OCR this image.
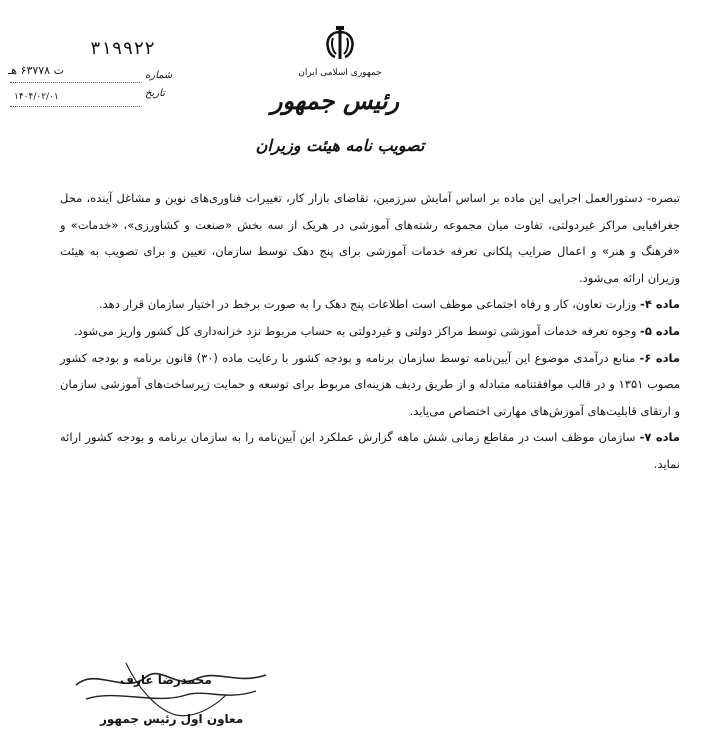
جمهوری اسلامی ایران
رئیس جمهور
تصویب نامه هیئت وزیران
۳۱۹۹۲۲
ت ۶۳۷۷۸ هـ	شماره
تاریخ
۱۴۰۴/۰۲/۰۱

تبصره- دستورالعمل اجرایی این ماده بر اساس آمایش سرزمین، تقاضای بازار کار، تغییرات فناوری‌های نوین و مشاغل آینده، محل جغرافیایی مراکز غیردولتی، تفاوت میان مجموعه رشته‌های آموزشی در هریک از سه بخش «صنعت و کشاورزی»، «خدمات» و «فرهنگ و هنر» و اعمال ضرایب پلکانی تعرفه خدمات آموزشی برای پنج دهک توسط سازمان، تعیین و برای تصویب به هیئت وزیران ارائه می‌شود.

ماده ۴- وزارت تعاون، کار و رفاه اجتماعی موظف است اطلاعات پنج دهک را به صورت برخط در اختیار سازمان قرار دهد.

ماده ۵- وجوه تعرفه خدمات آموزشی توسط مراکز دولتی و غیردولتی به حساب مربوط نزد خزانه‌داری کل کشور واریز می‌شود.

ماده ۶- منابع درآمدی موضوع این آیین‌نامه توسط سازمان برنامه و بودجه کشور با رعایت ماده (۳۰) قانون برنامه و بودجه کشور مصوب ۱۳۵۱ و در قالب موافقتنامه متبادله و از طریق ردیف هزینه‌ای مربوط برای توسعه و حمایت زیرساخت‌های آموزشی سازمان و ارتقای قابلیت‌های آموزش‌های مهارتی اختصاص می‌یابد.

ماده ۷- سازمان موظف است در مقاطع زمانی شش ماهه گزارش عملکرد این آیین‌نامه را به سازمان برنامه و بودجه کشور ارائه نماید.

محمدرضا عارف
معاون اول رئیس جمهور
